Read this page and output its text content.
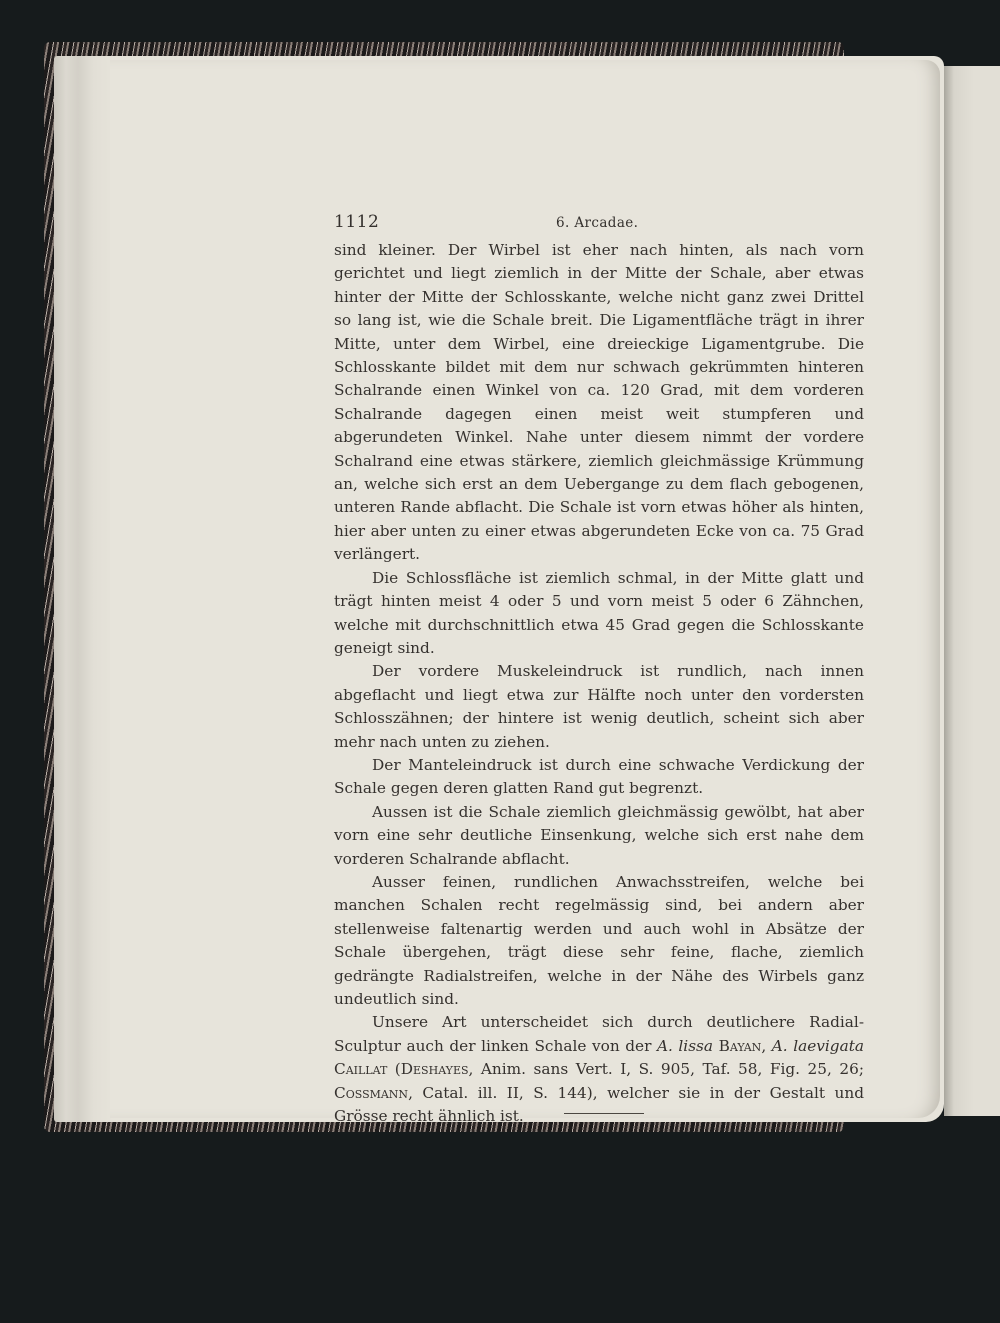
1112	6. Arcadae.

sind kleiner. Der Wirbel ist eher nach hinten, als nach vorn gerichtet und liegt ziemlich in der Mitte der Schale, aber etwas hinter der Mitte der Schlosskante, welche nicht ganz zwei Drittel so lang ist, wie die Schale breit. Die Ligamentfläche trägt in ihrer Mitte, unter dem Wirbel, eine dreieckige Ligamentgrube. Die Schlosskante bildet mit dem nur schwach gekrümmten hinteren Schalrande einen Winkel von ca. 120 Grad, mit dem vorderen Schalrande dagegen einen meist weit stumpferen und abgerundeten Winkel. Nahe unter diesem nimmt der vordere Schalrand eine etwas stärkere, ziemlich gleichmässige Krümmung an, welche sich erst an dem Uebergange zu dem flach gebogenen, unteren Rande abflacht. Die Schale ist vorn etwas höher als hinten, hier aber unten zu einer etwas abgerundeten Ecke von ca. 75 Grad verlängert.

Die Schlossfläche ist ziemlich schmal, in der Mitte glatt und trägt hinten meist 4 oder 5 und vorn meist 5 oder 6 Zähnchen, welche mit durchschnittlich etwa 45 Grad gegen die Schlosskante geneigt sind.

Der vordere Muskeleindruck ist rundlich, nach innen abgeflacht und liegt etwa zur Hälfte noch unter den vordersten Schlosszähnen; der hintere ist wenig deutlich, scheint sich aber mehr nach unten zu ziehen.

Der Manteleindruck ist durch eine schwache Verdickung der Schale gegen deren glatten Rand gut begrenzt.

Aussen ist die Schale ziemlich gleichmässig gewölbt, hat aber vorn eine sehr deutliche Einsenkung, welche sich erst nahe dem vorderen Schalrande abflacht.

Ausser feinen, rundlichen Anwachsstreifen, welche bei manchen Schalen recht regelmässig sind, bei andern aber stellenweise faltenartig werden und auch wohl in Absätze der Schale übergehen, trägt diese sehr feine, flache, ziemlich gedrängte Radialstreifen, welche in der Nähe des Wirbels ganz undeutlich sind.

Unsere Art unterscheidet sich durch deutlichere Radial-Sculptur auch der linken Schale von der A. lissa Bayan, A. laevigata Caillat (Deshayes, Anim. sans Vert. I, S. 905, Taf. 58, Fig. 25, 26; Cossmann, Catal. ill. II, S. 144), welcher sie in der Gestalt und Grösse recht ähnlich ist.
